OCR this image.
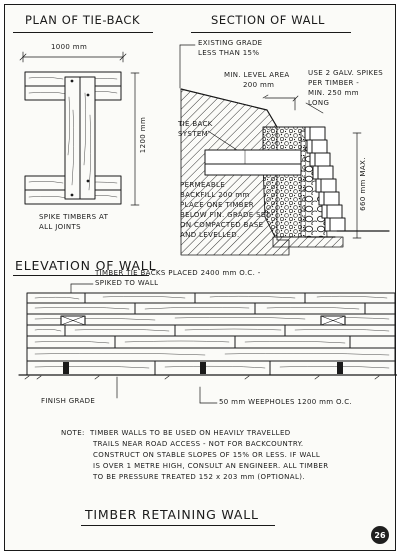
PLAN OF TIE-BACK	SECTION OF WALL
1000 mm
1200 mm
SPIKE TIMBERS AT
ALL JOINTS
EXISTING GRADE
LESS THAN 15%
MIN. LEVEL AREA
200 mm
USE 2 GALV. SPIKES
PER TIMBER -
MIN. 250 mm
LONG
TIE BACK
SYSTEM
PERMEABLE
BACKFILL 200 mm
PLACE ONE TIMBER
BELOW FIN. GRADE SET
ON COMPACTED BASE
AND LEVELLED.
660 mm MAX.
ELEVATION OF WALL
TIMBER TIE BACKS PLACED 2400 mm O.C. -
SPIKED TO WALL
FINISH GRADE	50 mm WEEPHOLES 1200 mm O.C.
NOTE:  TIMBER WALLS TO BE USED ON HEAVILY TRAVELLED
TRAILS NEAR ROAD ACCESS - NOT FOR BACKCOUNTRY.
CONSTRUCT ON STABLE SLOPES OF 15% OR LESS. IF WALL
IS OVER 1 METRE HIGH, CONSULT AN ENGINEER. ALL TIMBER
TO BE PRESSURE TREATED 152 x 203 mm (OPTIONAL).
TIMBER RETAINING WALL
26
